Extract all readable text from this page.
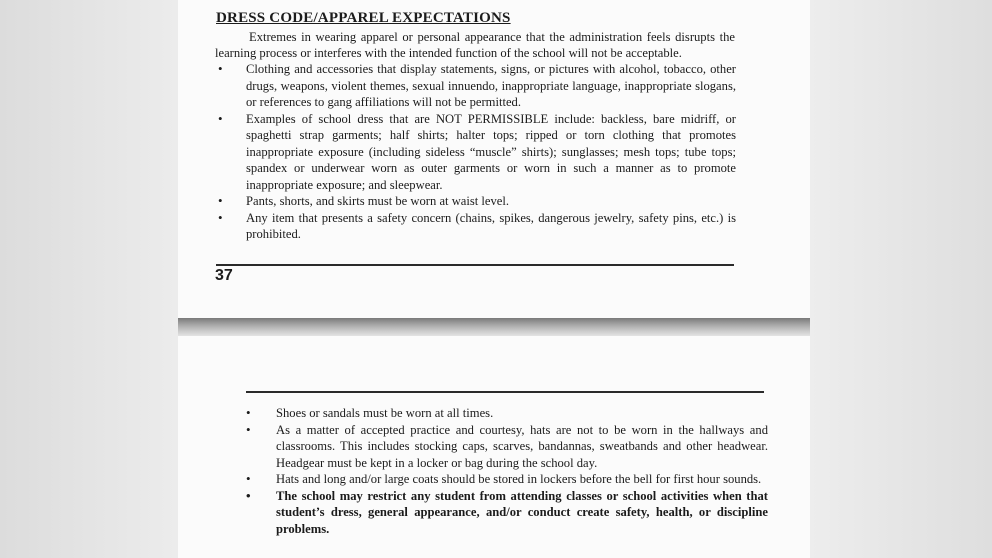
DRESS CODE/APPAREL EXPECTATIONS
Extremes in wearing apparel or personal appearance that the administration feels disrupts the learning process or interferes with the intended function of the school will not be acceptable.
• Clothing and accessories that display statements, signs, or pictures with alcohol, tobacco, other drugs, weapons, violent themes, sexual innuendo, inappropriate language, inappropriate slogans, or references to gang affiliations will not be permitted.
• Examples of school dress that are NOT PERMISSIBLE include: backless, bare midriff, or spaghetti strap garments; half shirts; halter tops; ripped or torn clothing that promotes inappropriate exposure (including sideless “muscle” shirts); sunglasses; mesh tops; tube tops; spandex or underwear worn as outer garments or worn in such a manner as to promote inappropriate exposure; and sleepwear.
• Pants, shorts, and skirts must be worn at waist level.
• Any item that presents a safety concern (chains, spikes, dangerous jewelry, safety pins, etc.) is prohibited.
37
• Shoes or sandals must be worn at all times.
• As a matter of accepted practice and courtesy, hats are not to be worn in the hallways and classrooms. This includes stocking caps, scarves, bandannas, sweatbands and other headwear. Headgear must be kept in a locker or bag during the school day.
• Hats and long and/or large coats should be stored in lockers before the bell for first hour sounds.
• The school may restrict any student from attending classes or school activities when that student’s dress, general appearance, and/or conduct create safety, health, or discipline problems.
